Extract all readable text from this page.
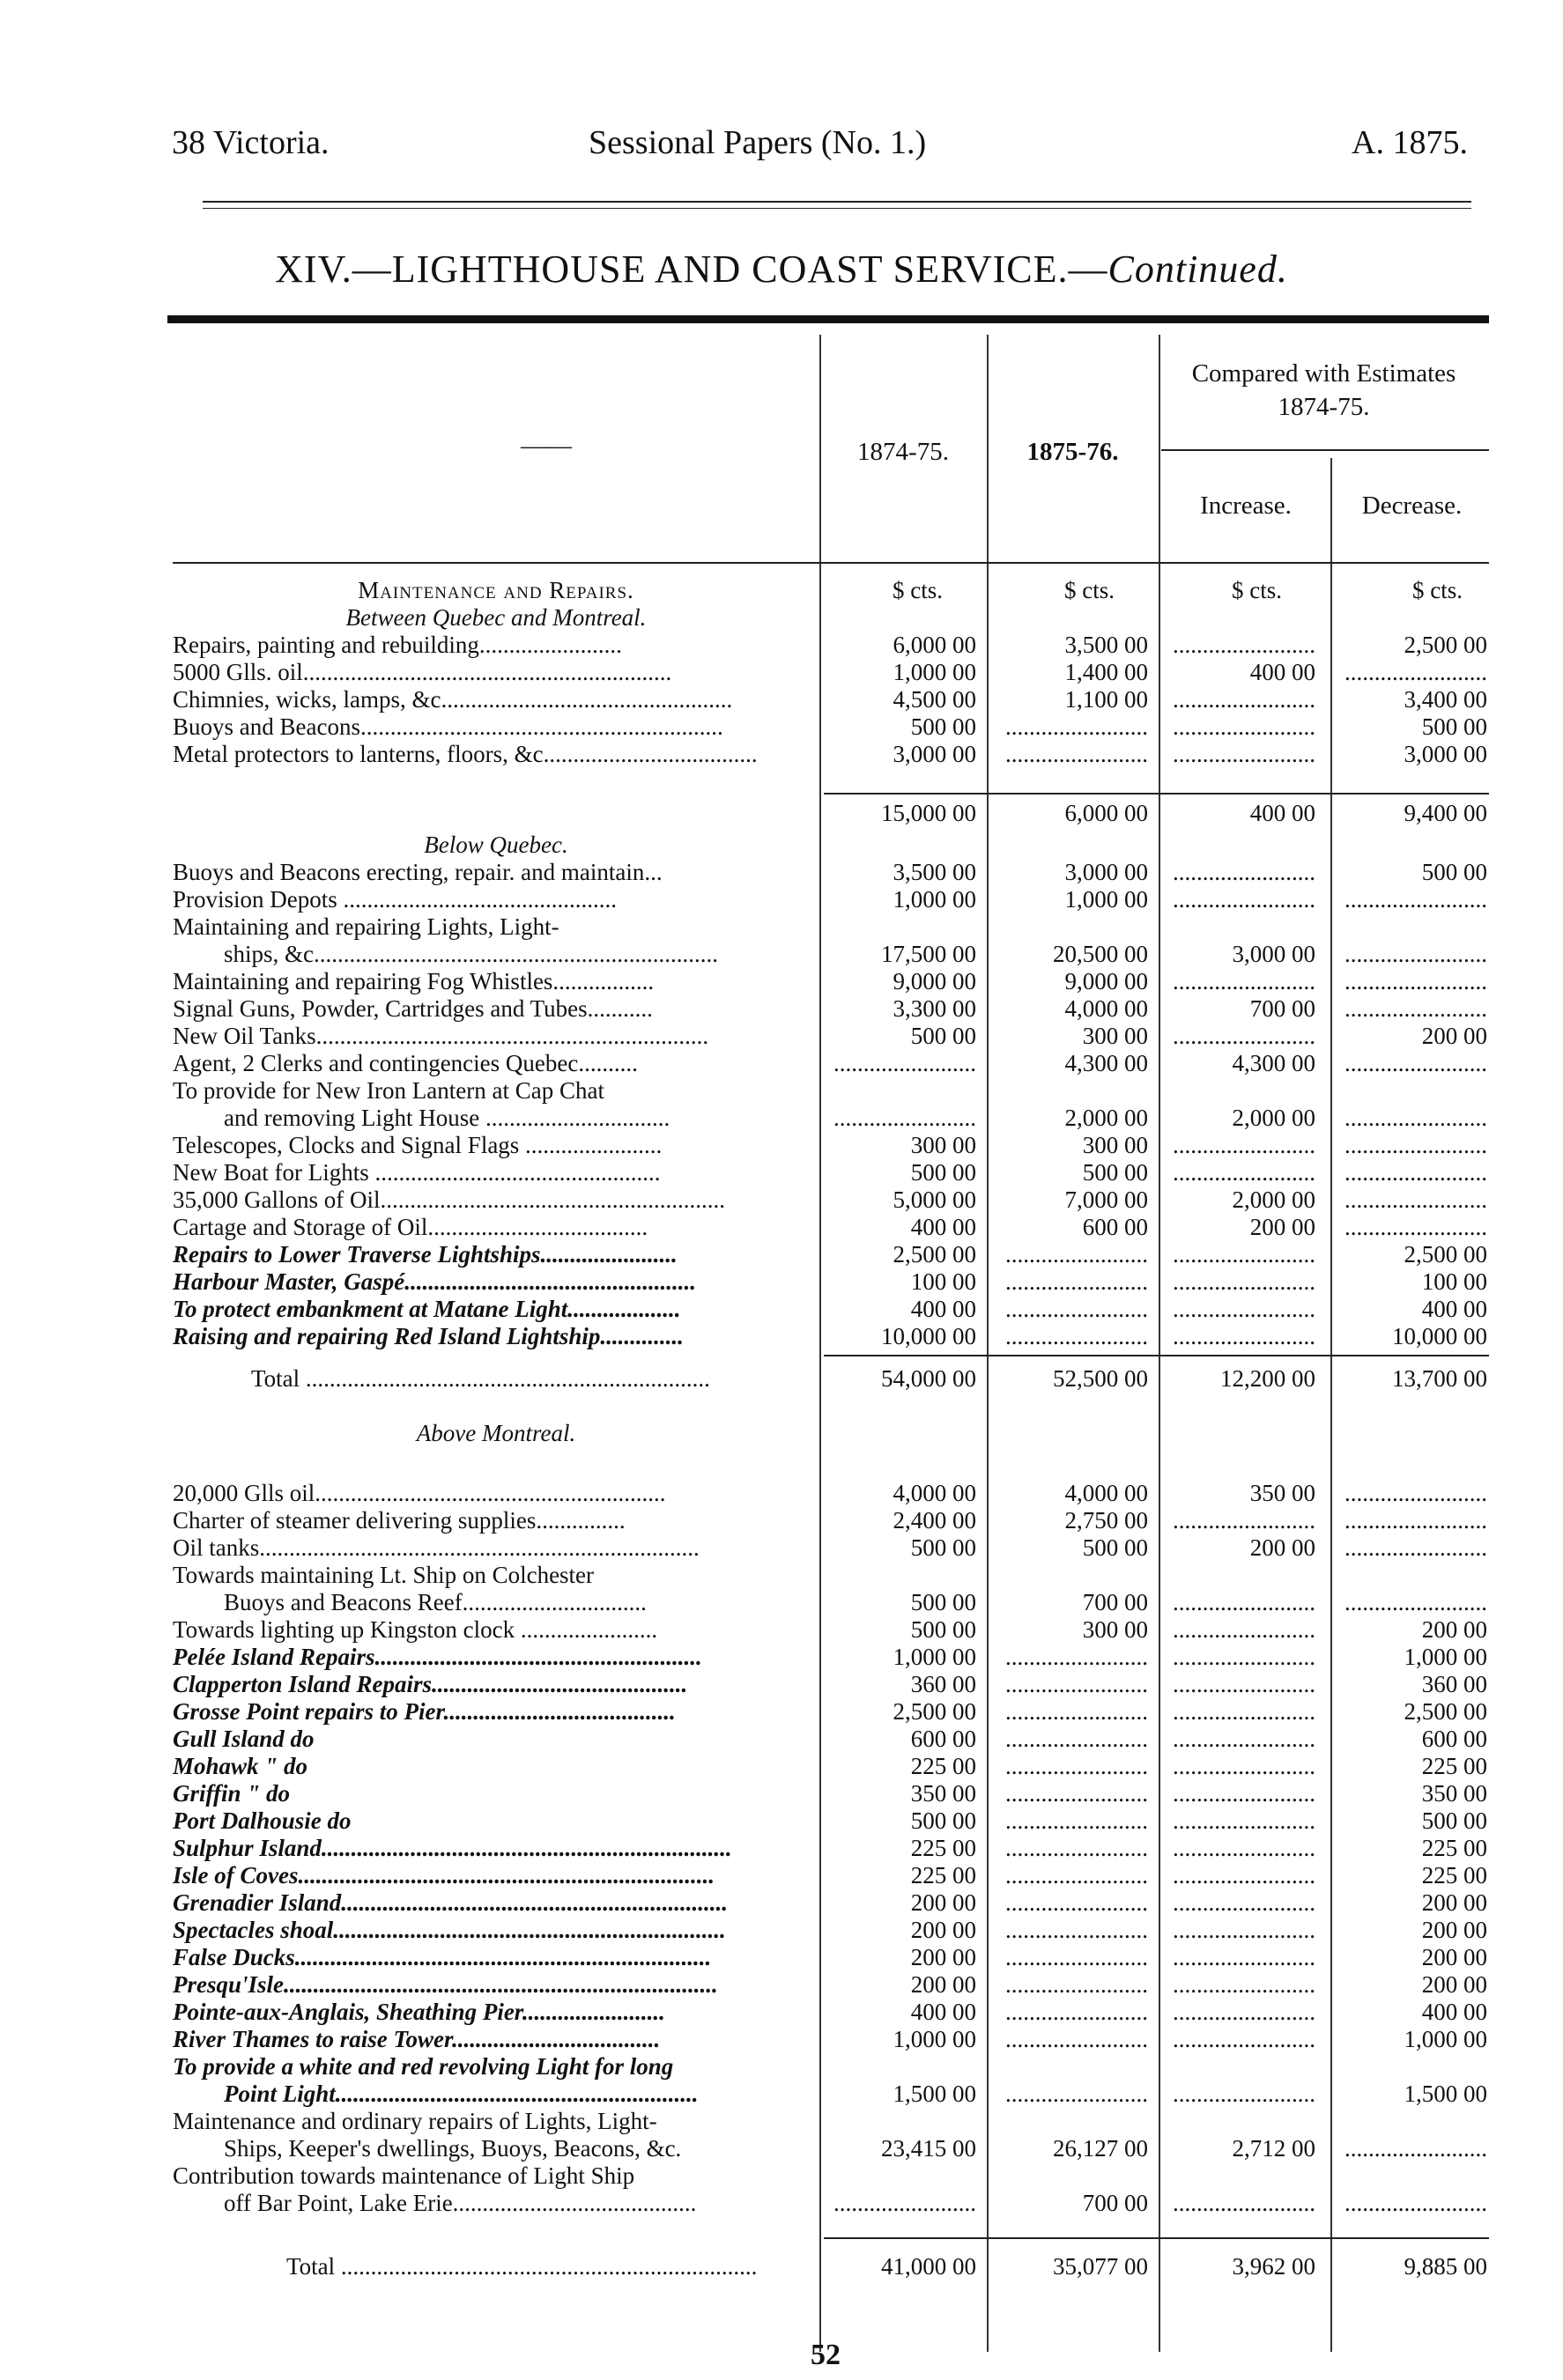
38 Victoria.	Sessional Papers (No. 1.)	A. 1875.
XIV.—LIGHTHOUSE AND COAST SERVICE.—Continued.
——	1874-75.	1875-76.
Compared with Estimates 1874-75.
Increase.	Decrease.
Maintenance and Repairs.	$ cts.	$ cts.	$ cts.	$ cts.
Between Quebec and Montreal.
Repairs, painting and rebuilding........................	6,000 00	3,500 00	........................	2,500 00
5000 Glls. oil..............................................................	1,000 00	1,400 00	400 00	........................
Chimnies, wicks, lamps, &c.................................................	4,500 00	1,100 00	........................	3,400 00
Buoys and Beacons.............................................................	500 00	........................	........................	500 00
Metal protectors to lanterns, floors, &c....................................	3,000 00	........................	........................	3,000 00
15,000 00	6,000 00	400 00	9,400 00
Below Quebec.
Buoys and Beacons erecting, repair. and maintain...	3,500 00	3,000 00	........................	500 00
Provision Depots ..............................................	1,000 00	1,000 00	........................	........................
Maintaining and repairing Lights, Light-
ships, &c....................................................................	17,500 00	20,500 00	3,000 00	........................
Maintaining and repairing Fog Whistles.................	9,000 00	9,000 00	........................	........................
Signal Guns, Powder, Cartridges and Tubes...........	3,300 00	4,000 00	700 00	........................
New Oil Tanks..................................................................	500 00	300 00	........................	200 00
Agent, 2 Clerks and contingencies Quebec..........	........................	4,300 00	4,300 00	........................
To provide for New Iron Lantern at Cap Chat
and removing Light House ...............................	........................	2,000 00	2,000 00	........................
Telescopes, Clocks and Signal Flags .......................	300 00	300 00	........................	........................
New Boat for Lights ................................................	500 00	500 00	........................	........................
35,000 Gallons of Oil..........................................................	5,000 00	7,000 00	2,000 00	........................
Cartage and Storage of Oil.....................................	400 00	600 00	200 00	........................
Repairs to Lower Traverse Lightships.......................	2,500 00	........................	........................	2,500 00
Harbour Master, Gaspé.................................................	100 00	........................	........................	100 00
To protect embankment at Matane Light...................	400 00	........................	........................	400 00
Raising and repairing Red Island Lightship..............	10,000 00	........................	........................	10,000 00
Total ....................................................................	54,000 00	52,500 00	12,200 00	13,700 00
Above Montreal.
20,000 Glls oil...........................................................	4,000 00	4,000 00	350 00	........................
Charter of steamer delivering supplies...............	2,400 00	2,750 00	........................	........................
Oil tanks..........................................................................	500 00	500 00	200 00	........................
Towards maintaining Lt. Ship on Colchester
Buoys and Beacons Reef...............................	500 00	700 00	........................	........................
Towards lighting up Kingston clock .......................	500 00	300 00	........................	200 00
Pelée Island Repairs.......................................................	1,000 00	........................	........................	1,000 00
Clapperton Island Repairs...........................................	360 00	........................	........................	360 00
Grosse Point repairs to Pier.......................................	2,500 00	........................	........................	2,500 00
Gull Island do	600 00	........................	........................	600 00
Mohawk " do	225 00	........................	........................	225 00
Griffin " do	350 00	........................	........................	350 00
Port Dalhousie do	500 00	........................	........................	500 00
Sulphur Island.....................................................................	225 00	........................	........................	225 00
Isle of Coves......................................................................	225 00	........................	........................	225 00
Grenadier Island.................................................................	200 00	........................	........................	200 00
Spectacles shoal..................................................................	200 00	........................	........................	200 00
False Ducks......................................................................	200 00	........................	........................	200 00
Presqu'Isle.........................................................................	200 00	........................	........................	200 00
Pointe-aux-Anglais, Sheathing Pier........................	400 00	........................	........................	400 00
River Thames to raise Tower...................................	1,000 00	........................	........................	1,000 00
To provide a white and red revolving Light for long
Point Light.............................................................	1,500 00	........................	........................	1,500 00
Maintenance and ordinary repairs of Lights, Light-
Ships, Keeper's dwellings, Buoys, Beacons, &c.	23,415 00	26,127 00	2,712 00	........................
Contribution towards maintenance of Light Ship
off Bar Point, Lake Erie.........................................	........................	700 00	........................	........................
Total ......................................................................	41,000 00	35,077 00	3,962 00	9,885 00
52
